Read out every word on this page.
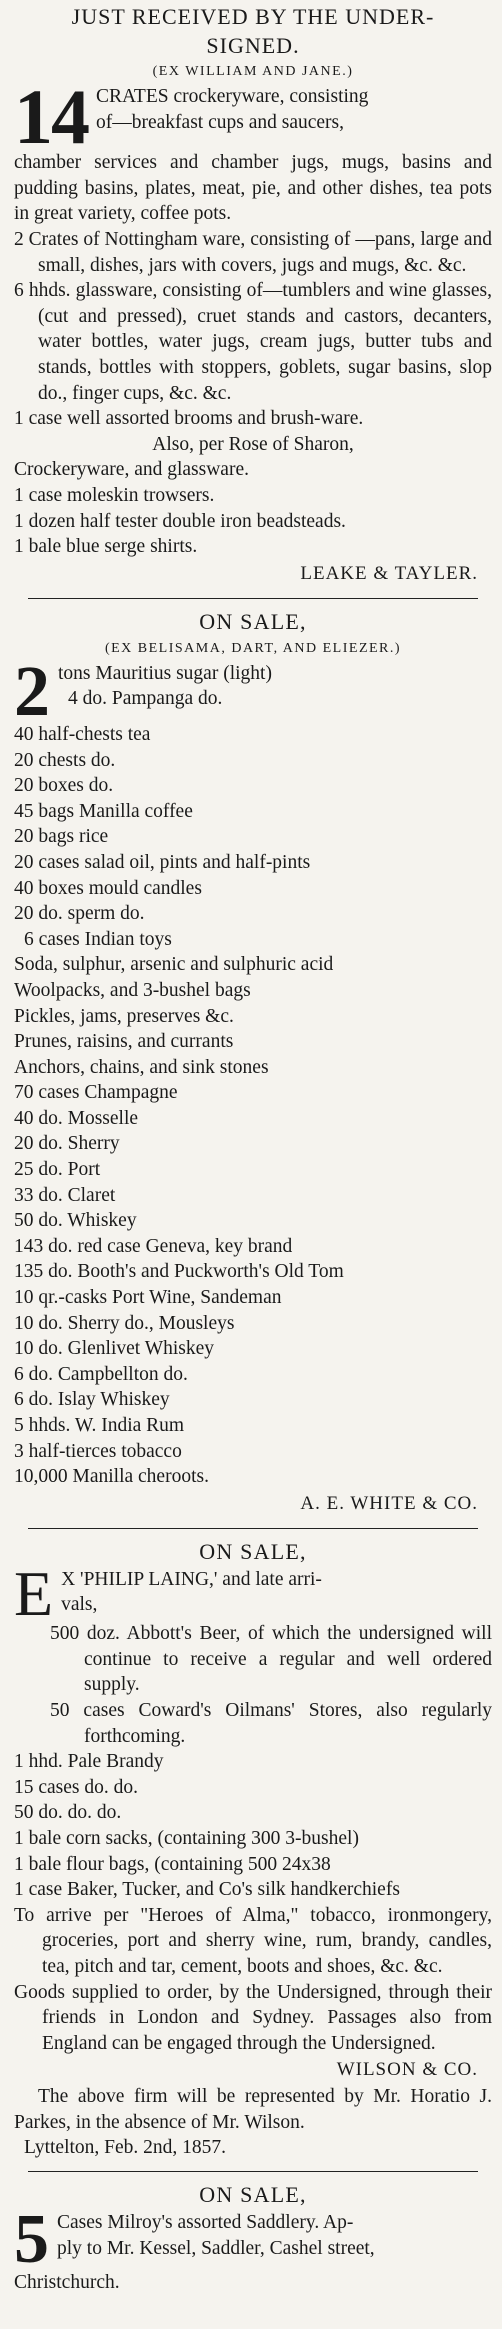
JUST RECEIVED BY THE UNDER-
SIGNED.
(EX WILLIAM AND JANE.)
14 CRATES crockeryware, consisting
of—breakfast cups and saucers,
chamber services and chamber jugs, mugs, basins and pudding basins, plates, meat, pie, and other dishes, tea pots in great variety, coffee pots.
2 Crates of Nottingham ware, consisting of —pans, large and small, dishes, jars with covers, jugs and mugs, &c. &c.
6 hhds. glassware, consisting of—tumblers and wine glasses, (cut and pressed), cruet stands and castors, decanters, water bottles, water jugs, cream jugs, butter tubs and stands, bottles with stoppers, goblets, sugar basins, slop do., finger cups, &c. &c.
1 case well assorted brooms and brush-ware.
Also, per Rose of Sharon,
Crockeryware, and glassware.
1 case moleskin trowsers.
1 dozen half tester double iron beadsteads.
1 bale blue serge shirts.
LEAKE & TAYLER.
ON SALE,
(EX BELISAMA, DART, AND ELIEZER.)
2 tons Mauritius sugar (light)
4 do. Pampanga do.
40 half-chests tea
20 chests do.
20 boxes do.
45 bags Manilla coffee
20 bags rice
20 cases salad oil, pints and half-pints
40 boxes mould candles
20 do. sperm do.
6 cases Indian toys
Soda, sulphur, arsenic and sulphuric acid
Woolpacks, and 3-bushel bags
Pickles, jams, preserves &c.
Prunes, raisins, and currants
Anchors, chains, and sink stones
70 cases Champagne
40 do. Mosselle
20 do. Sherry
25 do. Port
33 do. Claret
50 do. Whiskey
143 do. red case Geneva, key brand
135 do. Booth's and Puckworth's Old Tom
10 qr.-casks Port Wine, Sandeman
10 do. Sherry do., Mousleys
10 do. Glenlivet Whiskey
6 do. Campbellton do.
6 do. Islay Whiskey
5 hhds. W. India Rum
3 half-tierces tobacco
10,000 Manilla cheroots.
A. E. WHITE & CO.
ON SALE,
E X 'PHILIP LAING,' and late arri-
vals,
500 doz. Abbott's Beer, of which the undersigned will continue to receive a regular and well ordered supply.
50 cases Coward's Oilmans' Stores, also regularly forthcoming.
1 hhd. Pale Brandy
15 cases do. do.
50 do. do. do.
1 bale corn sacks, (containing 300 3-bushel)
1 bale flour bags, (containing 500 24x38
1 case Baker, Tucker, and Co's silk handkerchiefs
To arrive per "Heroes of Alma," tobacco, ironmongery, groceries, port and sherry wine, rum, brandy, candles, tea, pitch and tar, cement, boots and shoes, &c. &c.
Goods supplied to order, by the Undersigned, through their friends in London and Sydney. Passages also from England can be engaged through the Undersigned.
WILSON & CO.
The above firm will be represented by Mr. Horatio J. Parkes, in the absence of Mr. Wilson.
Lyttelton, Feb. 2nd, 1857.
ON SALE,
5 Cases Milroy's assorted Saddlery. Ap-
ply to Mr. Kessel, Saddler, Cashel street,
Christchurch.
